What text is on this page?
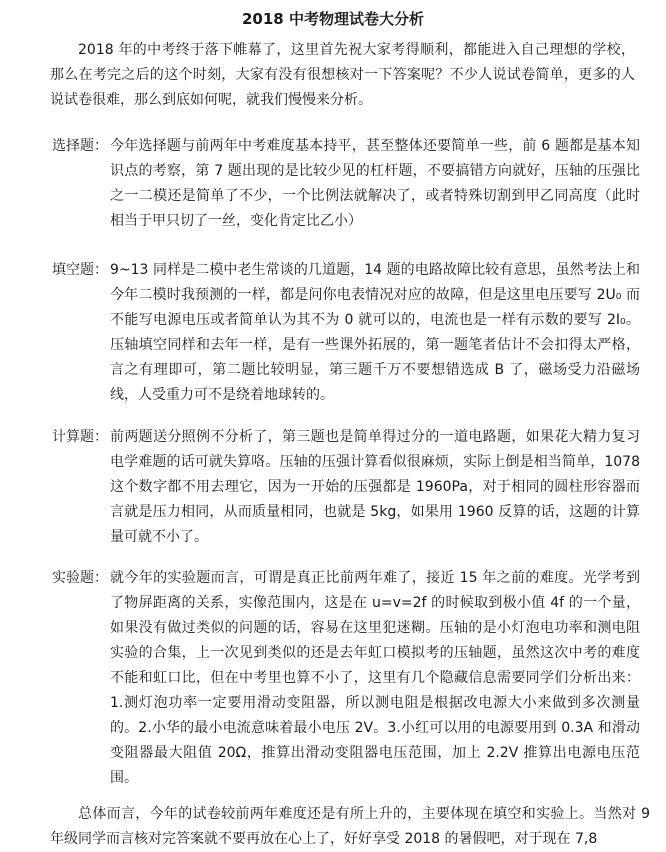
2018 中考物理试卷大分析

2018 年的中考终于落下帷幕了，这里首先祝大家考得顺利，都能进入自己理想的学校，那么在考完之后的这个时刻，大家有没有很想核对一下答案呢？不少人说试卷简单，更多的人说试卷很难，那么到底如何呢，就我们慢慢来分析。

选择题： 今年选择题与前两年中考难度基本持平，甚至整体还要简单一些，前 6 题都是基本知识点的考察，第 7 题出现的是比较少见的杠杆题，不要搞错方向就好，压轴的压强比之一二模还是简单了不少，一个比例法就解决了，或者特殊切割到甲乙同高度（此时相当于甲只切了一丝，变化肯定比乙小）
填空题： 9~13 同样是二模中老生常谈的几道题，14 题的电路故障比较有意思，虽然考法上和今年二模时我预测的一样，都是问你电表情况对应的故障，但是这里电压要写 2U₀ 而不能写电源电压或者简单认为其不为 0 就可以的，电流也是一样有示数的要写 2I₀。压轴填空同样和去年一样，是有一些课外拓展的，第一题笔者估计不会扣得太严格，言之有理即可，第二题比较明显，第三题千万不要想错选成 B 了，磁场受力沿磁场线，人受重力可不是绕着地球转的。
计算题： 前两题送分照例不分析了，第三题也是简单得过分的一道电路题，如果花大精力复习电学难题的话可就失算咯。压轴的压强计算看似很麻烦，实际上倒是相当简单，1078 这个数字都不用去理它，因为一开始的压强都是 1960Pa，对于相同的圆柱形容器而言就是压力相同，从而质量相同，也就是 5kg，如果用 1960 反算的话，这题的计算量可就不小了。
实验题： 就今年的实验题而言，可谓是真正比前两年难了，接近 15 年之前的难度。光学考到了物屏距离的关系，实像范围内，这是在 u=v=2f 的时候取到极小值 4f 的一个量，如果没有做过类似的问题的话，容易在这里犯迷糊。压轴的是小灯泡电功率和测电阻实验的合集，上一次见到类似的还是去年虹口模拟考的压轴题，虽然这次中考的难度不能和虹口比，但在中考里也算不小了，这里有几个隐藏信息需要同学们分析出来：1.测灯泡功率一定要用滑动变阻器，所以测电阻是根据改电源大小来做到多次测量的。2.小华的最小电流意味着最小电压 2V。3.小红可以用的电源要用到 0.3A 和滑动变阻器最大阻值 20Ω，推算出滑动变阻器电压范围，加上 2.2V 推算出电源电压范围。

总体而言，今年的试卷较前两年难度还是有所上升的，主要体现在填空和实验上。当然对 9 年级同学而言核对完答案就不要再放在心上了，好好享受 2018 的暑假吧，对于现在 7,8
